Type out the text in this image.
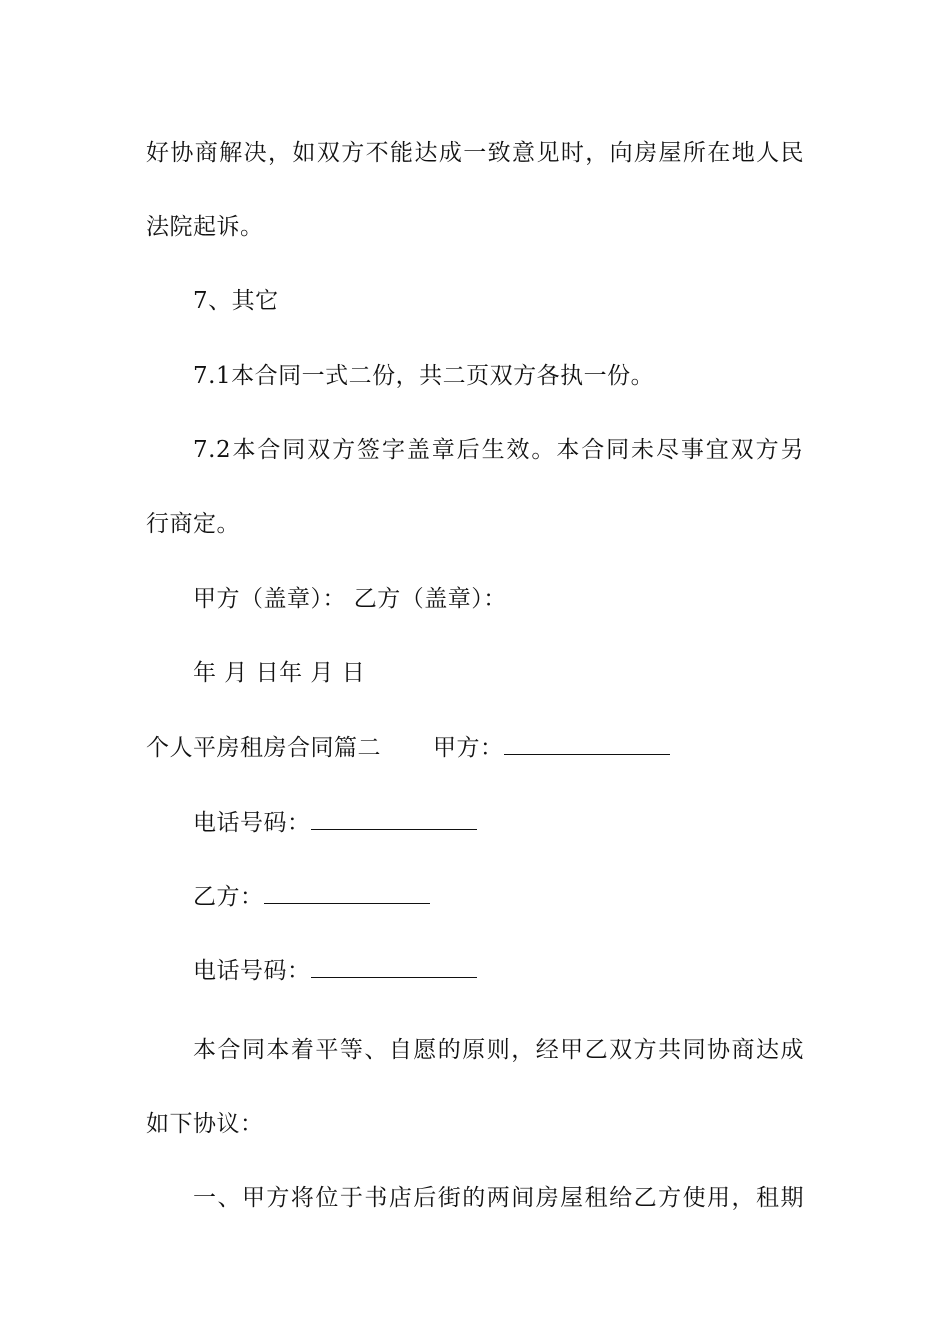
好协商解决，如双方不能达成一致意见时，向房屋所在地人民
法院起诉。
7、其它
7.1本合同一式二份，共二页双方各执一份。
7.2本合同双方签字盖章后生效。本合同未尽事宜双方另
行商定。
甲方（盖章）： 乙方（盖章）：
年 月 日年 月 日
个人平房租房合同篇二 甲方：
电话号码：
乙方：
电话号码：
本合同本着平等、自愿的原则，经甲乙双方共同协商达成
如下协议：
一、甲方将位于书店后街的两间房屋租给乙方使用，租期
